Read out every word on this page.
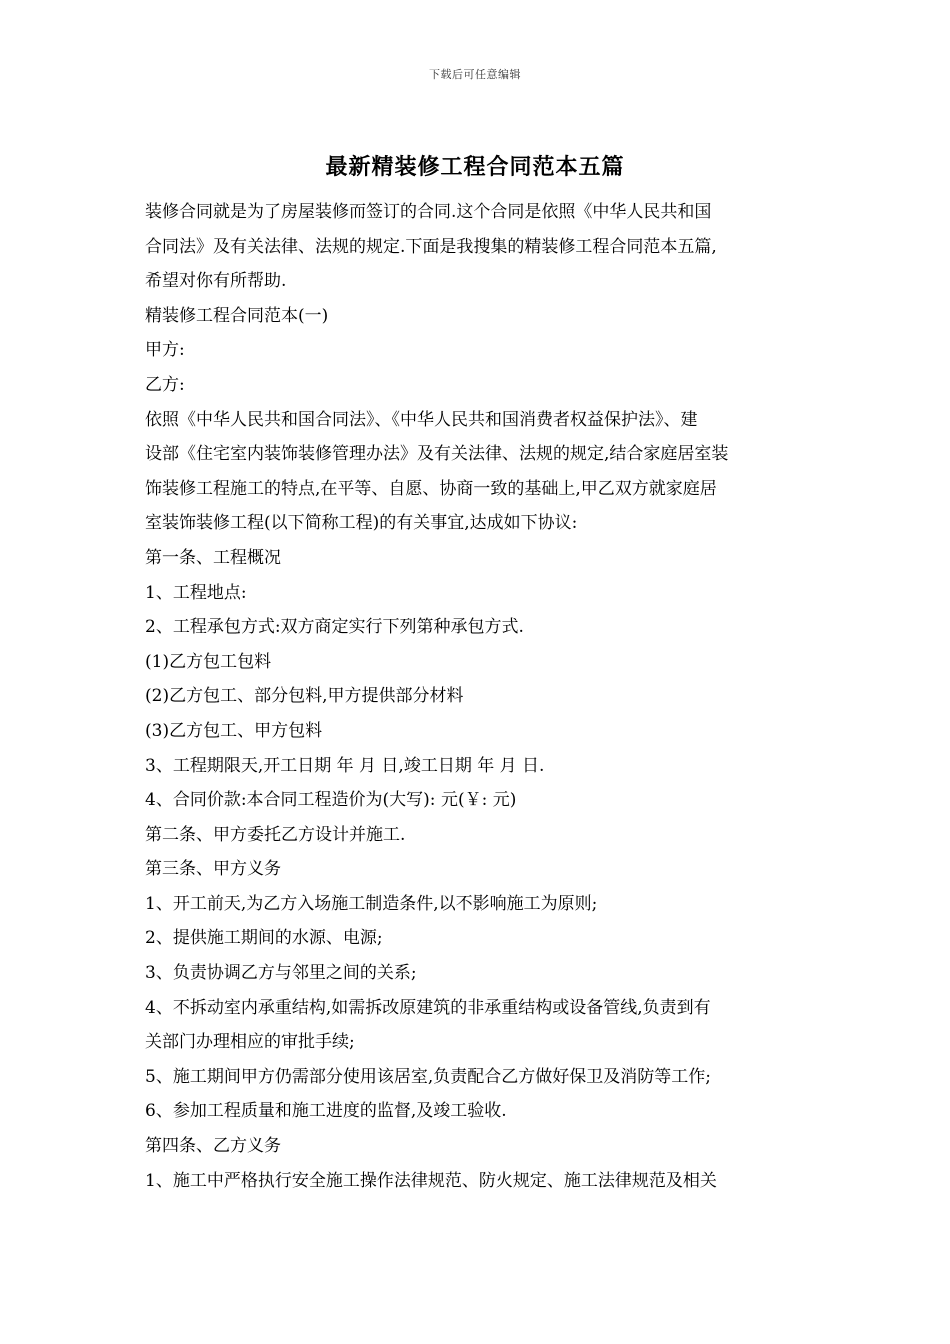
下载后可任意编辑
最新精装修工程合同范本五篇

装修合同就是为了房屋装修而签订的合同.这个合同是依照《中华人民共和国

合同法》及有关法律、法规的规定.下面是我搜集的精装修工程合同范本五篇,

希望对你有所帮助.

精装修工程合同范本(一)

甲方:

乙方:

依照《中华人民共和国合同法》、《中华人民共和国消费者权益保护法》、建

设部《住宅室内装饰装修管理办法》及有关法律、法规的规定,结合家庭居室装

饰装修工程施工的特点,在平等、自愿、协商一致的基础上,甲乙双方就家庭居

室装饰装修工程(以下简称工程)的有关事宜,达成如下协议:

第一条、工程概况

1、工程地点:

2、工程承包方式:双方商定实行下列第种承包方式.

(1)乙方包工包料

(2)乙方包工、部分包料,甲方提供部分材料

(3)乙方包工、甲方包料

3、工程期限天,开工日期 年 月 日,竣工日期 年 月 日.

4、合同价款:本合同工程造价为(大写): 元(￥: 元)

第二条、甲方委托乙方设计并施工.

第三条、甲方义务

1、开工前天,为乙方入场施工制造条件,以不影响施工为原则;

2、提供施工期间的水源、电源;

3、负责协调乙方与邻里之间的关系;

4、不拆动室内承重结构,如需拆改原建筑的非承重结构或设备管线,负责到有

关部门办理相应的审批手续;

5、施工期间甲方仍需部分使用该居室,负责配合乙方做好保卫及消防等工作;

6、参加工程质量和施工进度的监督,及竣工验收.

第四条、乙方义务

1、施工中严格执行安全施工操作法律规范、防火规定、施工法律规范及相关
